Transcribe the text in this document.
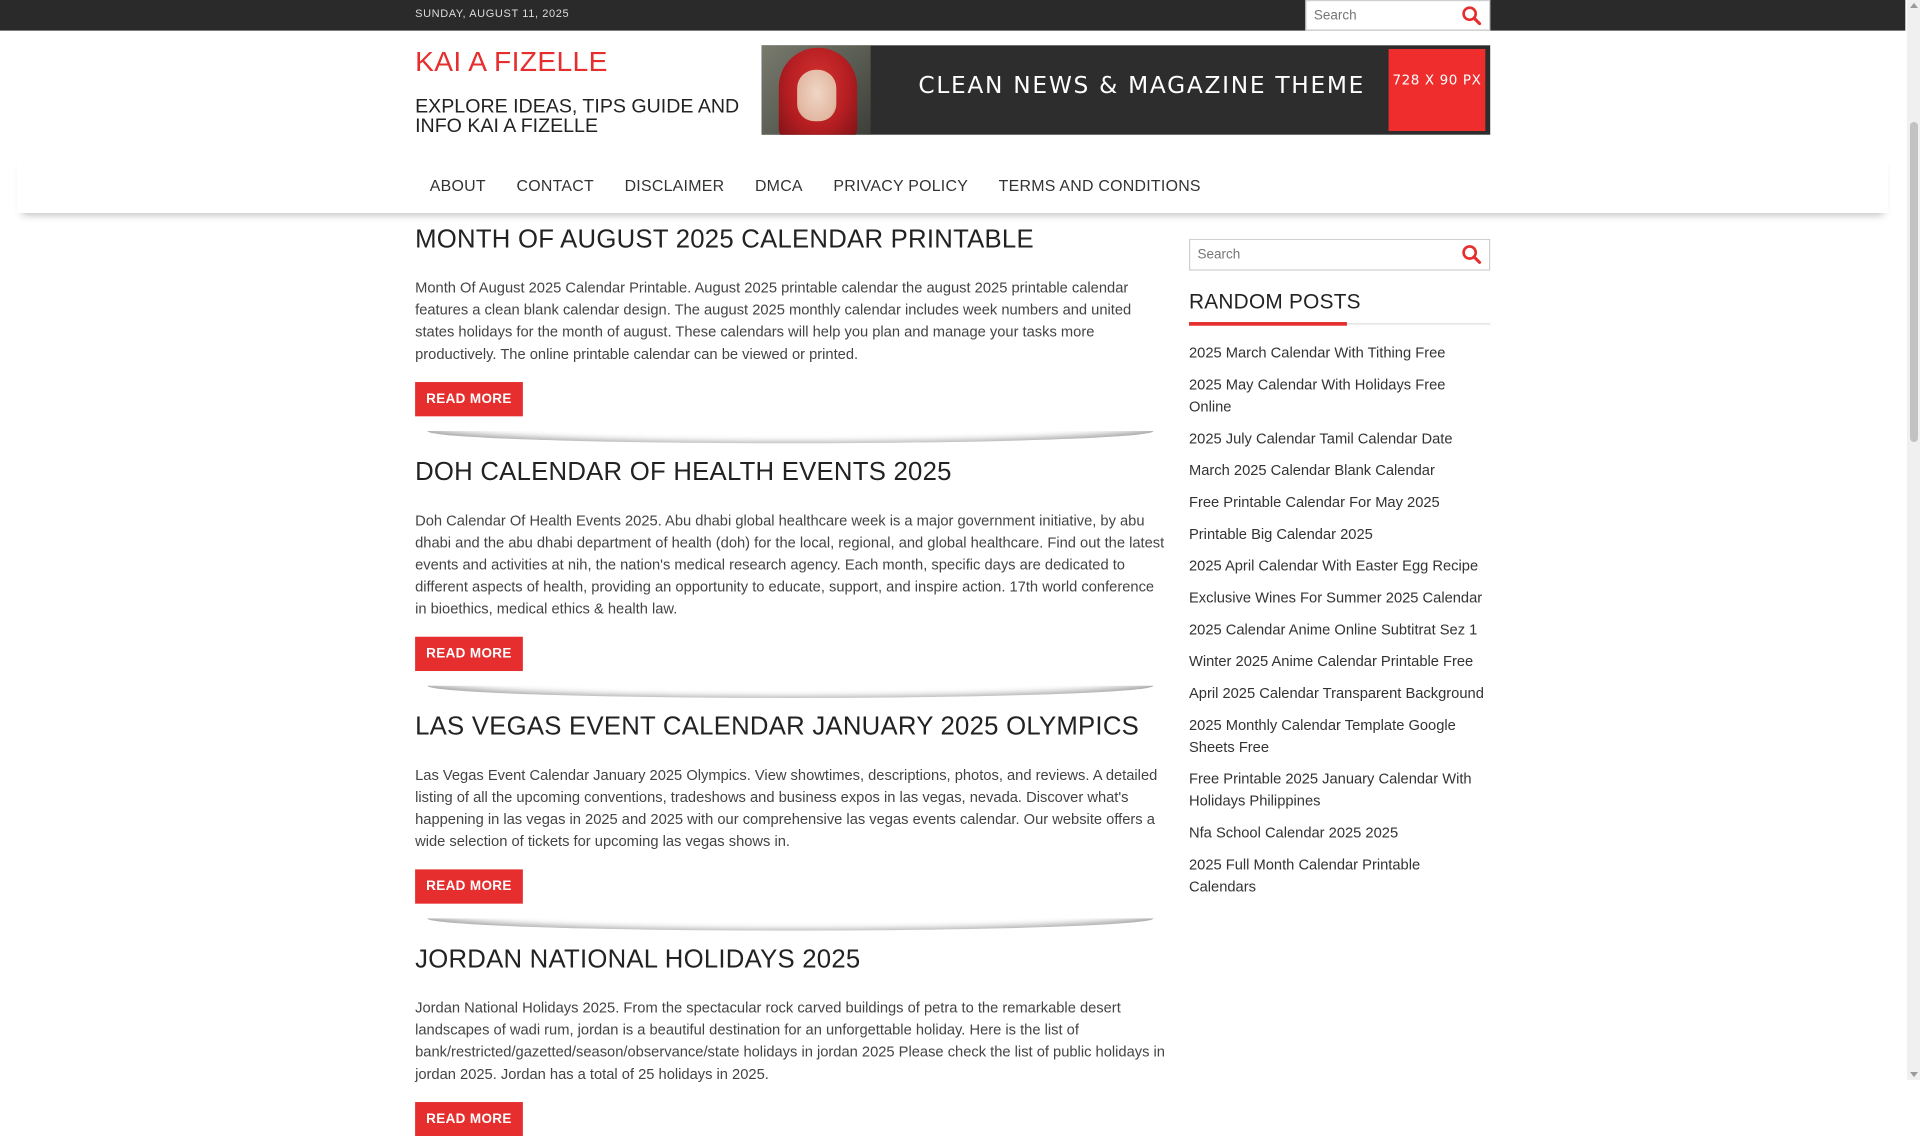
SUNDAY, AUGUST 11, 2025
Search
KAI A FIZELLE
EXPLORE IDEAS, TIPS GUIDE AND INFO KAI A FIZELLE
CLEAN NEWS & MAGAZINE THEME	728 X 90 PX
ABOUT CONTACT DISCLAIMER DMCA PRIVACY POLICY TERMS AND CONDITIONS
MONTH OF AUGUST 2025 CALENDAR PRINTABLE

Month Of August 2025 Calendar Printable. August 2025 printable calendar the august 2025 printable calendar features a clean blank calendar design. The august 2025 monthly calendar includes week numbers and united states holidays for the month of august. These calendars will help you plan and manage your tasks more productively. The online printable calendar can be viewed or printed.

READ MORE
DOH CALENDAR OF HEALTH EVENTS 2025

Doh Calendar Of Health Events 2025. Abu dhabi global healthcare week is a major government initiative, by abu dhabi and the abu dhabi department of health (doh) for the local, regional, and global healthcare. Find out the latest events and activities at nih, the nation's medical research agency. Each month, specific days are dedicated to different aspects of health, providing an opportunity to educate, support, and inspire action. 17th world conference in bioethics, medical ethics & health law.

READ MORE
LAS VEGAS EVENT CALENDAR JANUARY 2025 OLYMPICS

Las Vegas Event Calendar January 2025 Olympics. View showtimes, descriptions, photos, and reviews. A detailed listing of all the upcoming conventions, tradeshows and business expos in las vegas, nevada. Discover what's happening in las vegas in 2025 and 2025 with our comprehensive las vegas events calendar. Our website offers a wide selection of tickets for upcoming las vegas shows in.

READ MORE
JORDAN NATIONAL HOLIDAYS 2025

Jordan National Holidays 2025. From the spectacular rock carved buildings of petra to the remarkable desert landscapes of wadi rum, jordan is a beautiful destination for an unforgettable holiday. Here is the list of bank/restricted/gazetted/season/observance/state holidays in jordan 2025 Please check the list of public holidays in jordan 2025. Jordan has a total of 25 holidays in 2025.

READ MORE
Search
RANDOM POSTS
2025 March Calendar With Tithing Free
2025 May Calendar With Holidays Free Online
2025 July Calendar Tamil Calendar Date
March 2025 Calendar Blank Calendar
Free Printable Calendar For May 2025
Printable Big Calendar 2025
2025 April Calendar With Easter Egg Recipe
Exclusive Wines For Summer 2025 Calendar
2025 Calendar Anime Online Subtitrat Sez 1
Winter 2025 Anime Calendar Printable Free
April 2025 Calendar Transparent Background
2025 Monthly Calendar Template Google Sheets Free
Free Printable 2025 January Calendar With Holidays Philippines
Nfa School Calendar 2025 2025
2025 Full Month Calendar Printable Calendars
